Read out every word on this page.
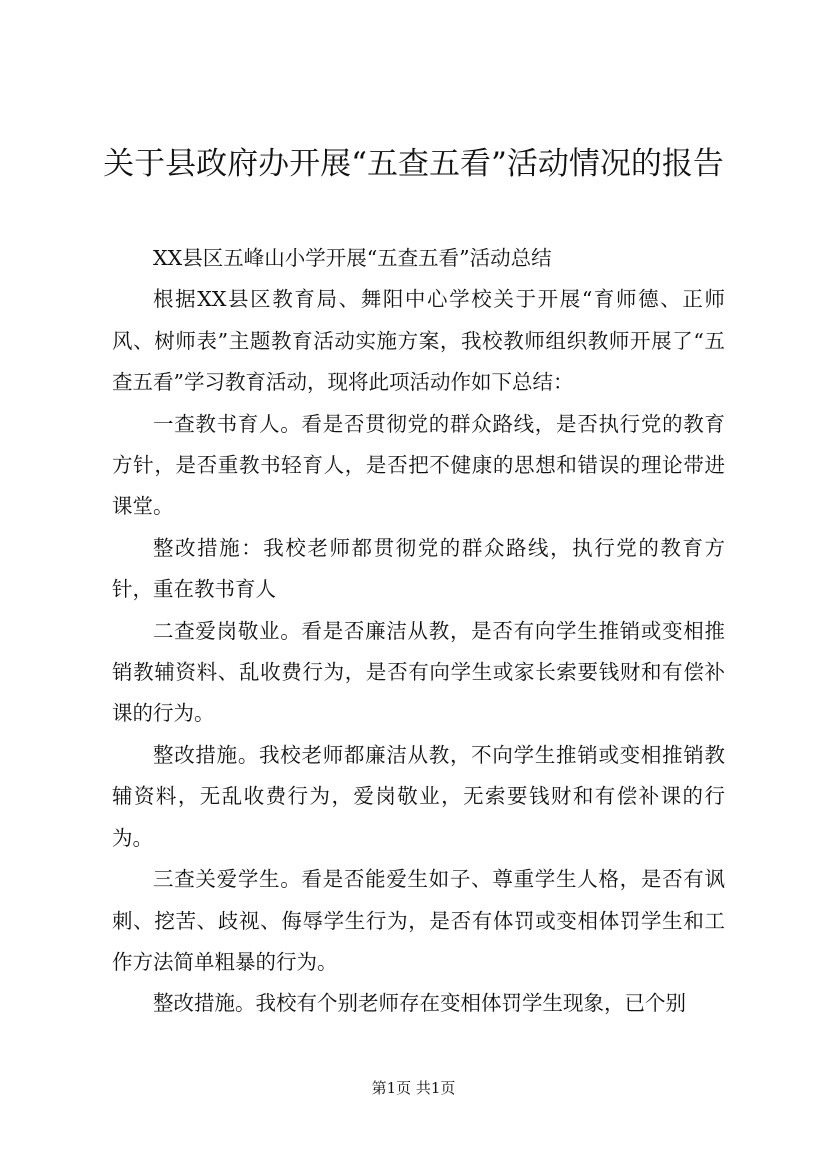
关于县政府办开展“五查五看”活动情况的报告

XX县区五峰山小学开展“五查五看”活动总结

根据XX县区教育局、舞阳中心学校关于开展“育师德、正师风、树师表”主题教育活动实施方案，我校教师组织教师开展了“五查五看”学习教育活动，现将此项活动作如下总结：

一查教书育人。看是否贯彻党的群众路线，是否执行党的教育方针，是否重教书轻育人，是否把不健康的思想和错误的理论带进课堂。

整改措施：我校老师都贯彻党的群众路线，执行党的教育方针，重在教书育人

二查爱岗敬业。看是否廉洁从教，是否有向学生推销或变相推销教辅资料、乱收费行为，是否有向学生或家长索要钱财和有偿补课的行为。

整改措施。我校老师都廉洁从教，不向学生推销或变相推销教辅资料，无乱收费行为，爱岗敬业，无索要钱财和有偿补课的行为。

三查关爱学生。看是否能爱生如子、尊重学生人格，是否有讽刺、挖苦、歧视、侮辱学生行为，是否有体罚或变相体罚学生和工作方法简单粗暴的行为。

整改措施。我校有个别老师存在变相体罚学生现象，已个别

第1页 共1页
